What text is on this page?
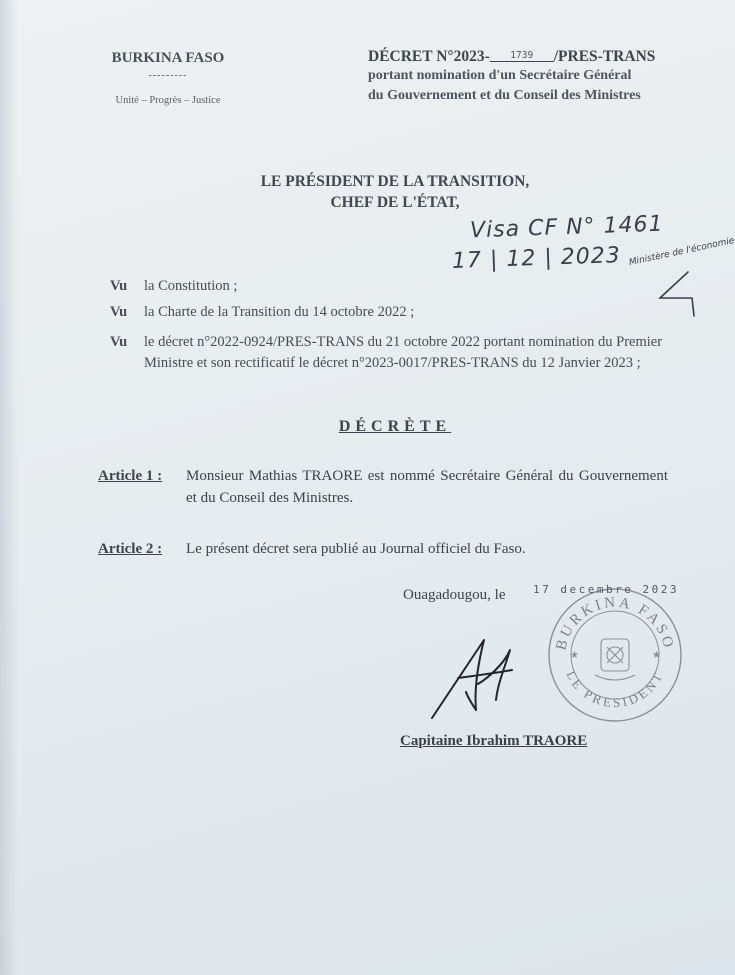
BURKINA FASO
---------
Unité – Progrès – Justice
DÉCRET N°2023- 1739 /PRES-TRANS
portant nomination d'un Secrétaire Général
du Gouvernement et du Conseil des Ministres
LE PRÉSIDENT DE LA TRANSITION,
CHEF DE L'ÉTAT,
Visa CF N° 1461
17 | 12 | 2023 Ministère de l'économie
Vu la Constitution ;
Vu la Charte de la Transition du 14 octobre 2022 ;
Vu le décret n°2022-0924/PRES-TRANS du 21 octobre 2022 portant nomination du Premier Ministre et son rectificatif le décret n°2023-0017/PRES-TRANS du 12 Janvier 2023 ;
DÉCRÈTE
Article 1 : Monsieur Mathias TRAORE est nommé Secrétaire Général du Gouvernement et du Conseil des Ministres.
Article 2 : Le présent décret sera publié au Journal officiel du Faso.
BURKINA FASO
LE PRESIDENT
★	★
Ouagadougou, le	17 decembre 2023
Capitaine Ibrahim TRAORE
